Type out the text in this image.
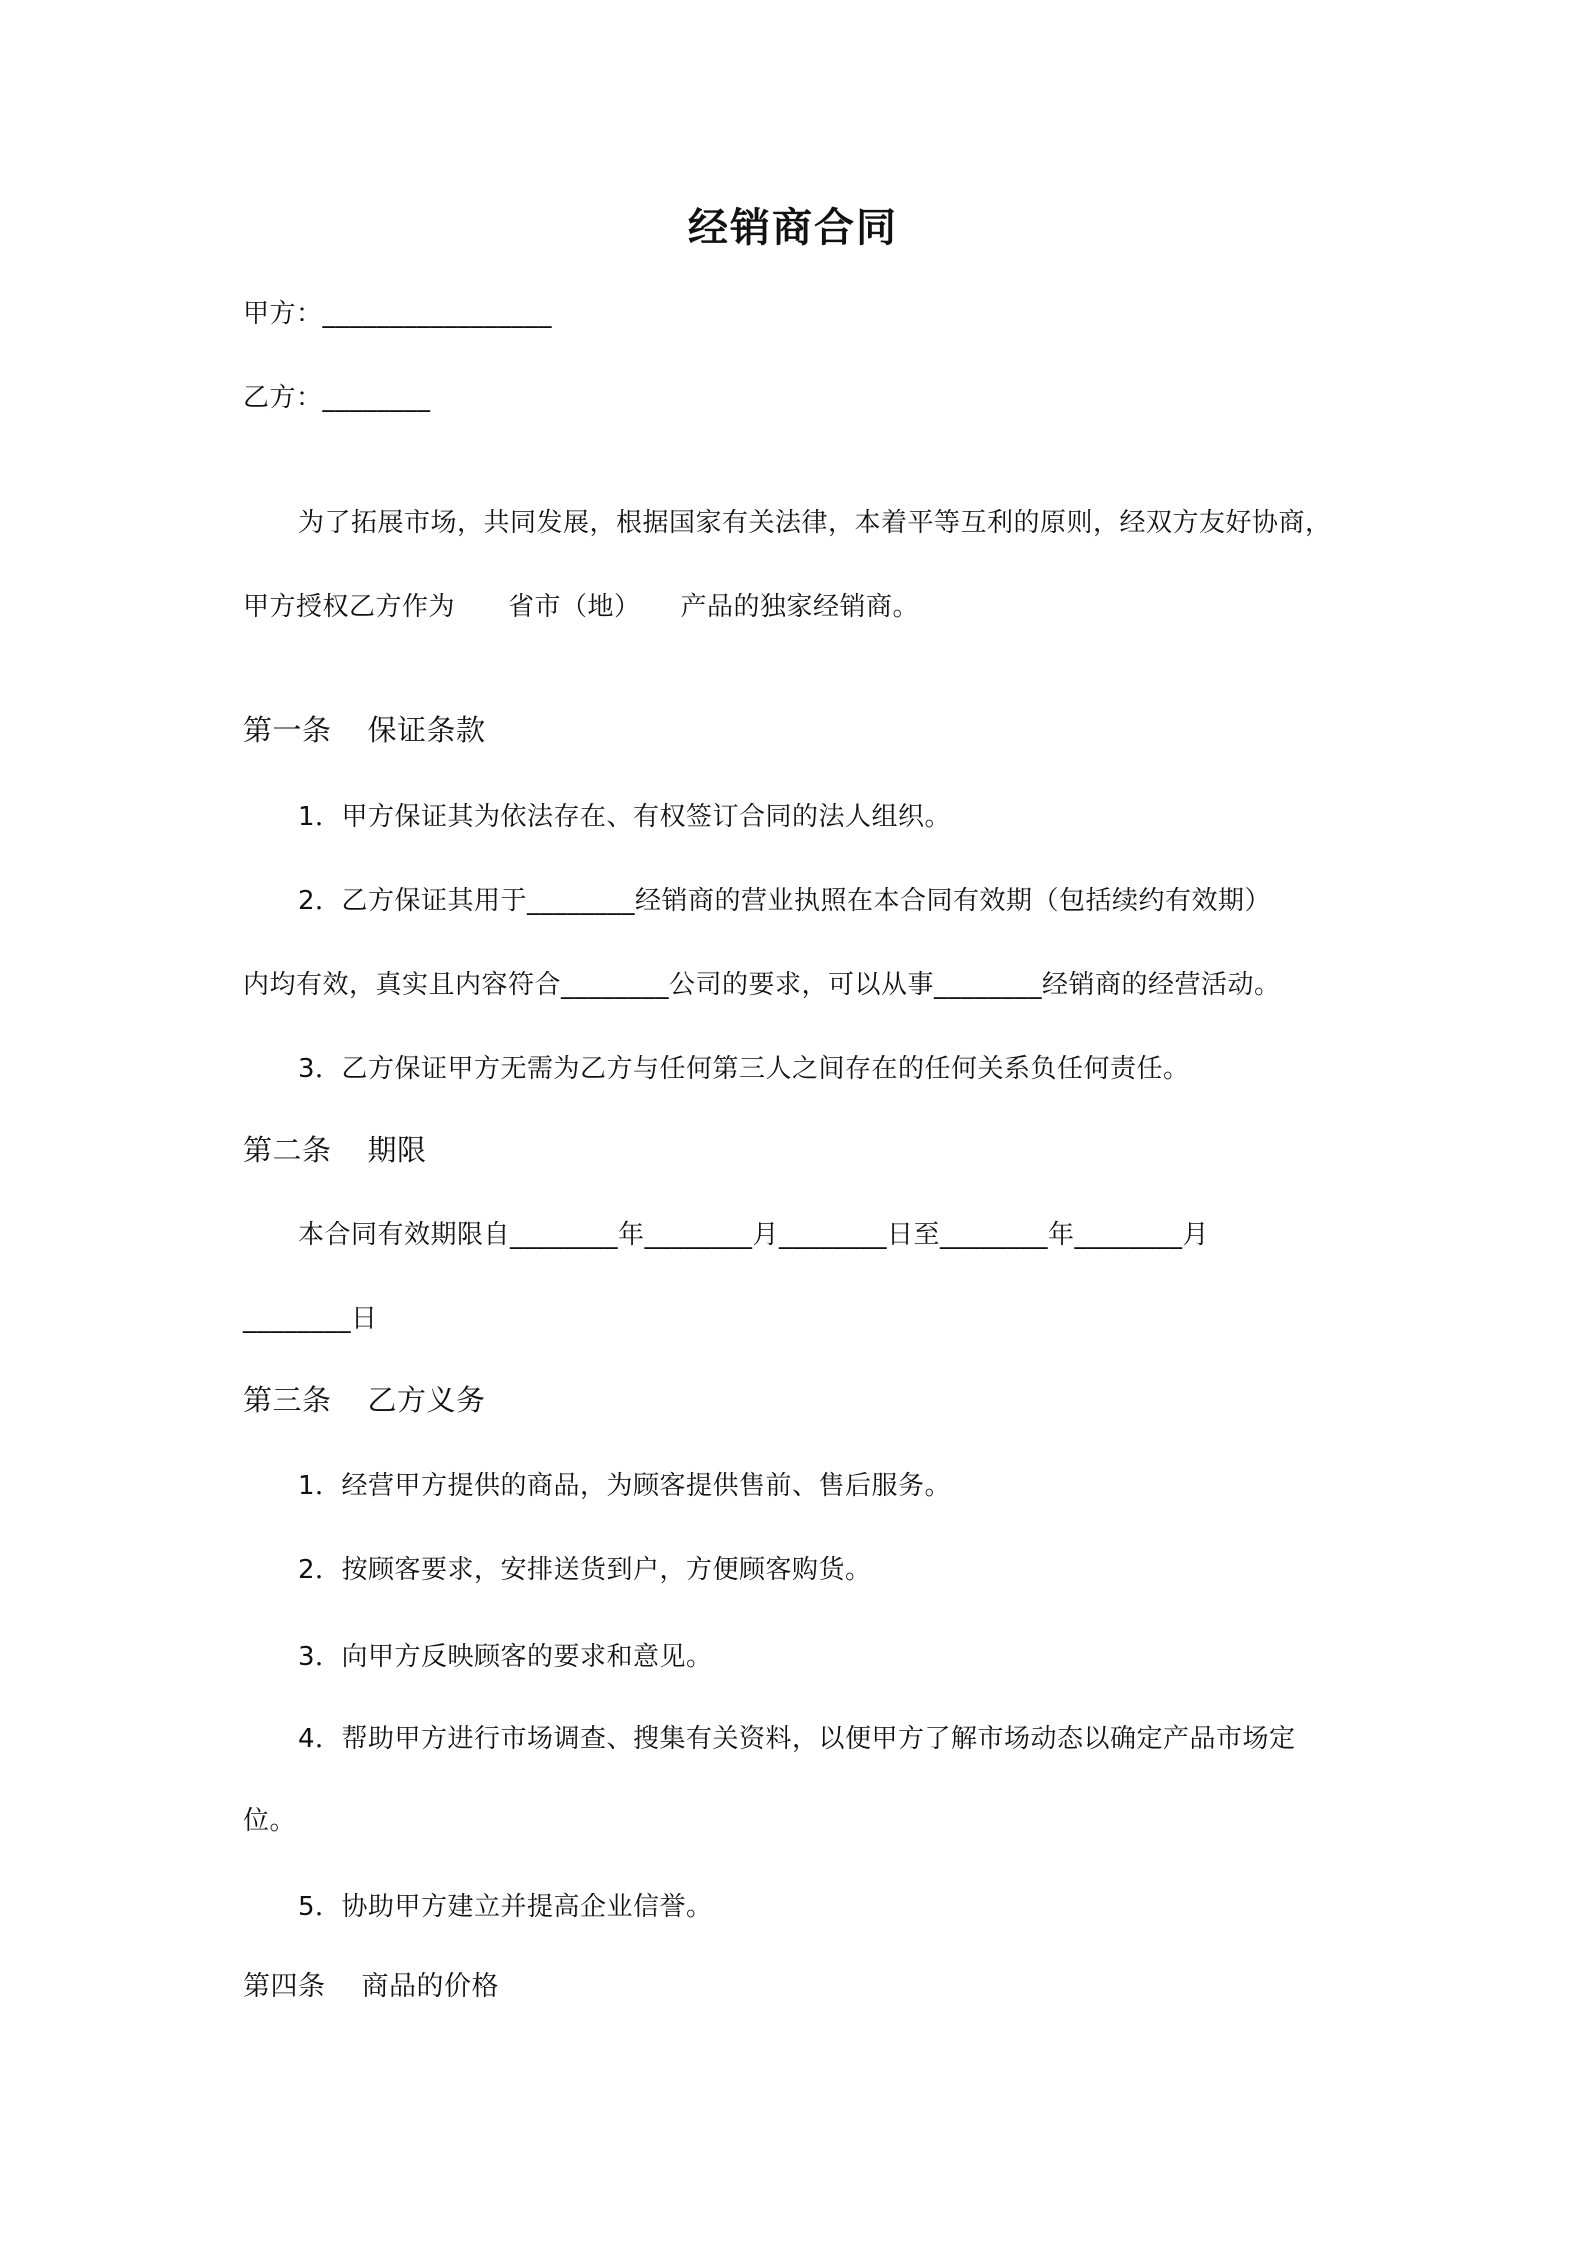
经销商合同
甲方：_________________
乙方：________
为了拓展市场，共同发展，根据国家有关法律，本着平等互利的原则，经双方友好协商，
甲方授权乙方作为　　省市（地）　　产品的独家经销商。
第一条 保证条款
1．甲方保证其为依法存在、有权签订合同的法人组织。
2．乙方保证其用于________经销商的营业执照在本合同有效期（包括续约有效期）
内均有效，真实且内容符合________公司的要求，可以从事________经销商的经营活动。
3．乙方保证甲方无需为乙方与任何第三人之间存在的任何关系负任何责任。
第二条 期限
本合同有效期限自________年________月________日至________年________月
________日
第三条 乙方义务
1．经营甲方提供的商品，为顾客提供售前、售后服务。
2．按顾客要求，安排送货到户，方便顾客购货。
3．向甲方反映顾客的要求和意见。
4．帮助甲方进行市场调查、搜集有关资料，以便甲方了解市场动态以确定产品市场定
位。
5．协助甲方建立并提高企业信誉。
第四条 商品的价格
